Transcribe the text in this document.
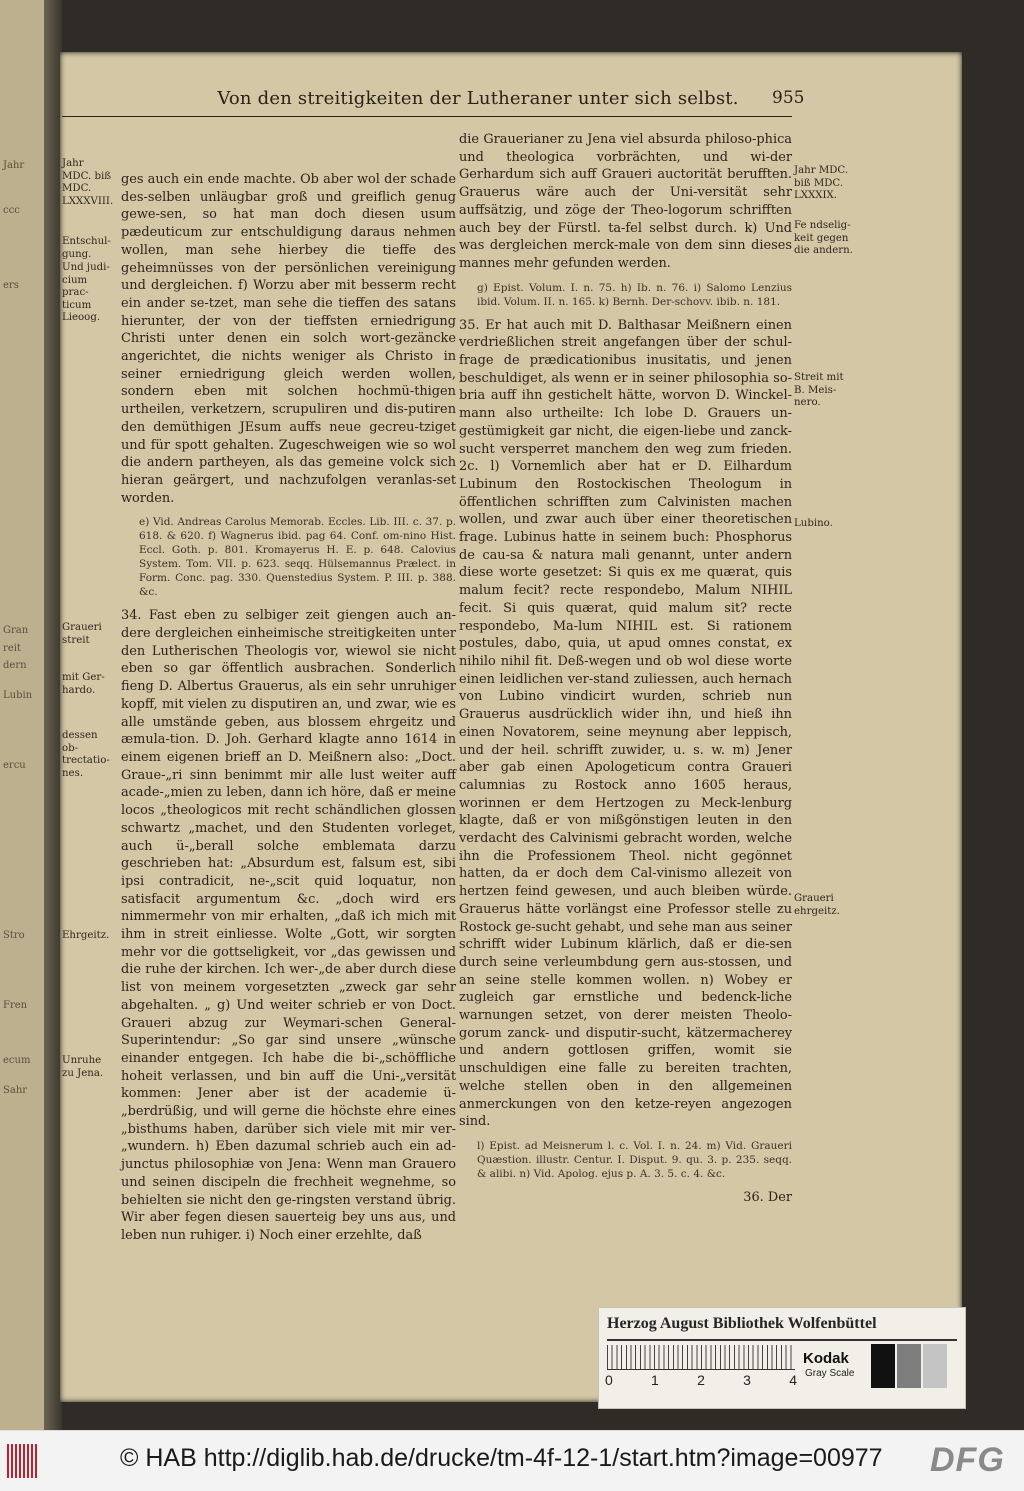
Jahr
ccc
ers
Gran
reit
dern
Lubin
ercu
Stro
Fren
ecum
Sahr
Von den streitigkeiten der Lutheraner unter sich selbst.	955
Jahr MDC. biß MDC. LXXXVIII.
Entschul-gung.
Und judi-cium prac-ticum Lieoog.
Graueri streit
mit Ger-hardo.
dessen ob-trectatio-nes.
Ehrgeitz.
Unruhe zu Jena.
Jahr MDC. biß MDC. LXXXIX.
Fe ndselig-keit gegen die andern.
Streit mit B. Meis-nero.
Lubino.
Graueri ehrgeitz.

ges auch ein ende machte. Ob aber wol der schade des-selben unläugbar groß und greiflich genug gewe-sen, so hat man doch diesen usum pædeuticum zur entschuldigung daraus nehmen wollen, man sehe hierbey die tieffe des geheimnüsses von der persönlichen vereinigung und dergleichen. f) Worzu aber mit besserm recht ein ander se-tzet, man sehe die tieffen des satans hierunter, der von der tieffsten erniedrigung Christi unter denen ein solch wort-gezäncke angerichtet, die nichts weniger als Christo in seiner erniedrigung gleich werden wollen, sondern eben mit solchen hochmü-thigen urtheilen, verketzern, scrupuliren und dis-putiren den demüthigen JEsum auffs neue gecreu-tziget und für spott gehalten. Zugeschweigen wie so wol die andern partheyen, als das gemeine volck sich hieran geärgert, und nachzufolgen veranlas-set worden.

e) Vid. Andreas Carolus Memorab. Eccles. Lib. III. c. 37. p. 618. & 620. f) Wagnerus ibid. pag 64. Conf. om-nino Hist. Eccl. Goth. p. 801. Kromayerus H. E. p. 648. Calovius System. Tom. VII. p. 623. seqq. Hülsemannus Prælect. in Form. Conc. pag. 330. Quenstedius System. P. III. p. 388. &c.

34. Fast eben zu selbiger zeit giengen auch an-dere dergleichen einheimische streitigkeiten unter den Lutherischen Theologis vor, wiewol sie nicht eben so gar öffentlich ausbrachen. Sonderlich fieng D. Albertus Grauerus, als ein sehr unruhiger kopff, mit vielen zu disputiren an, und zwar, wie es alle umstände geben, aus blossem ehrgeitz und æmula-tion. D. Joh. Gerhard klagte anno 1614 in einem eigenen brieff an D. Meißnern also: „Doct. Graue-„ri sinn benimmt mir alle lust weiter auff acade-„mien zu leben, dann ich höre, daß er meine locos „theologicos mit recht schändlichen glossen schwartz „machet, und den Studenten vorleget, auch ü-„berall solche emblemata darzu geschrieben hat: „Absurdum est, falsum est, sibi ipsi contradicit, ne-„scit quid loquatur, non satisfacit argumentum &c. „doch wird ers nimmermehr von mir erhalten, „daß ich mich mit ihm in streit einliesse. Wolte „Gott, wir sorgten mehr vor die gottseligkeit, vor „das gewissen und die ruhe der kirchen. Ich wer-„de aber durch diese list von meinem vorgesetzten „zweck gar sehr abgehalten. „ g) Und weiter schrieb er von Doct. Graueri abzug zur Weymari-schen General-Superintendur: „So gar sind unsere „wünsche einander entgegen. Ich habe die bi-„schöffliche hoheit verlassen, und bin auff die Uni-„versität kommen: Jener aber ist der academie ü-„berdrüßig, und will gerne die höchste ehre eines „bisthums haben, darüber sich viele mit mir ver-„wundern. h) Eben dazumal schrieb auch ein ad-junctus philosophiæ von Jena: Wenn man Grauero und seinen discipeln die frechheit wegnehme, so behielten sie nicht den ge-ringsten verstand übrig. Wir aber fegen diesen sauerteig bey uns aus, und leben nun ruhiger. i) Noch einer erzehlte, daß

die Grauerianer zu Jena viel absurda philoso-phica und theologica vorbrächten, und wi-der Gerhardum sich auff Graueri auctorität berufften. Grauerus wäre auch der Uni-versität sehr auffsätzig, und zöge der Theo-logorum schrifften auch bey der Fürstl. ta-fel selbst durch. k) Und was dergleichen merck-male von dem sinn dieses mannes mehr gefunden werden.

g) Epist. Volum. I. n. 75. h) Ib. n. 76. i) Salomo Lenzius ibid. Volum. II. n. 165. k) Bernh. Der-schovv. ibib. n. 181.

35. Er hat auch mit D. Balthasar Meißnern einen verdrießlichen streit angefangen über der schul-frage de prædicationibus inusitatis, und jenen beschuldiget, als wenn er in seiner philosophia so-bria auff ihn gestichelt hätte, worvon D. Winckel-mann also urtheilte: Ich lobe D. Grauers un-gestümigkeit gar nicht, die eigen-liebe und zanck-sucht versperret manchem den weg zum frieden. 2c. l) Vornemlich aber hat er D. Eilhardum Lubinum den Rostockischen Theologum in öffentlichen schrifften zum Calvinisten machen wollen, und zwar auch über einer theoretischen frage. Lubinus hatte in seinem buch: Phosphorus de cau-sa & natura mali genannt, unter andern diese worte gesetzet: Si quis ex me quærat, quis malum fecit? recte respondebo, Malum NIHIL fecit. Si quis quærat, quid malum sit? recte respondebo, Ma-lum NIHIL est. Si rationem postules, dabo, quia, ut apud omnes constat, ex nihilo nihil fit. Deß-wegen und ob wol diese worte einen leidlichen ver-stand zuliessen, auch hernach von Lubino vindicirt wurden, schrieb nun Grauerus ausdrücklich wider ihn, und hieß ihn einen Novatorem, seine meynung aber leppisch, und der heil. schrifft zuwider, u. s. w. m) Jener aber gab einen Apologeticum contra Graueri calumnias zu Rostock anno 1605 heraus, worinnen er dem Hertzogen zu Meck-lenburg klagte, daß er von mißgönstigen leuten in den verdacht des Calvinismi gebracht worden, welche ihn die Professionem Theol. nicht gegönnet hatten, da er doch dem Cal-vinismo allezeit von hertzen feind gewesen, und auch bleiben würde. Grauerus hätte vorlängst eine Professor stelle zu Rostock ge-sucht gehabt, und sehe man aus seiner schrifft wider Lubinum klärlich, daß er die-sen durch seine verleumbdung gern aus-stossen, und an seine stelle kommen wollen. n) Wobey er zugleich gar ernstliche und bedenck-liche warnungen setzet, von derer meisten Theolo-gorum zanck- und disputir-sucht, kätzermacherey und andern gottlosen griffen, womit sie unschuldigen eine falle zu bereiten trachten, welche stellen oben in den allgemeinen anmerckungen von den ketze-reyen angezogen sind.

l) Epist. ad Meisnerum l. c. Vol. I. n. 24. m) Vid. Graueri Quæstion. illustr. Centur. I. Disput. 9. qu. 3. p. 235. seqq. & alibi. n) Vid. Apolog. ejus p. A. 3. 5. c. 4. &c.

36. Der

Herzog August Bibliothek Wolfenbüttel
0	1	2	3	4
Kodak
Gray Scale
© HAB http://diglib.hab.de/drucke/tm-4f-12-1/start.htm?image=00977 DFG
